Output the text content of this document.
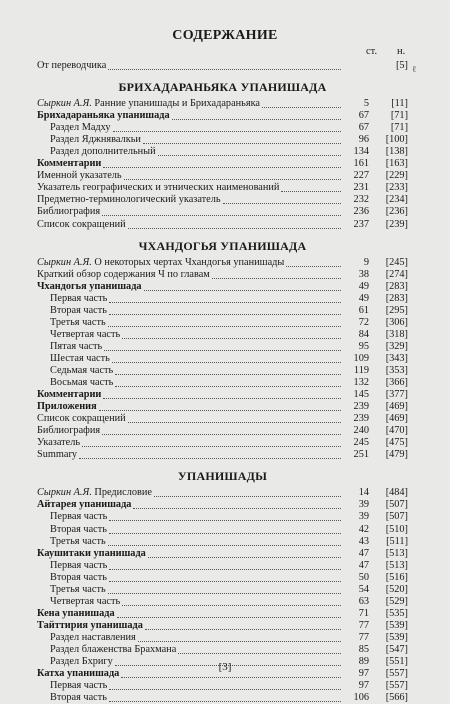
СОДЕРЖАНИЕ
ст. н.
ℓ
От переводчика	[5]
БРИХАДАРАНЬЯКА УПАНИШАДА
Сыркин А.Я. Ранние упанишады и Брихадараньяка	5	[11]
Брихадараньяка упанишада	67	[71]
Раздел Мадху	67	[71]
Раздел Яджнявалкьи	96	[100]
Раздел дополнительный	134	[138]
Комментарии	161	[163]
Именной указатель	227	[229]
Указатель географических и этнических наименований	231	[233]
Предметно-терминологический указатель	232	[234]
Библиография	236	[236]
Список сокращений	237	[239]
ЧХАНДОГЬЯ УПАНИШАДА
Сыркин А.Я. О некоторых чертах Чхандогья упанишады	9	[245]
Краткий обзор содержания Ч по главам	38	[274]
Чхандогья упанишада	49	[283]
Первая часть	49	[283]
Вторая часть	61	[295]
Третья часть	72	[306]
Четвертая часть	84	[318]
Пятая часть	95	[329]
Шестая часть	109	[343]
Седьмая часть	119	[353]
Восьмая часть	132	[366]
Комментарии	145	[377]
Приложения	239	[469]
Список сокращений	239	[469]
Библиография	240	[470]
Указатель	245	[475]
Summary	251	[479]
УПАНИШАДЫ
Сыркин А.Я. Предисловие	14	[484]
Айтарея упанишада	39	[507]
Первая часть	39	[507]
Вторая часть	42	[510]
Третья часть	43	[511]
Каушитаки упанишада	47	[513]
Первая часть	47	[513]
Вторая часть	50	[516]
Третья часть	54	[520]
Четвертая часть	63	[529]
Кена упанишада	71	[535]
Тайттирия упанишада	77	[539]
Раздел наставления	77	[539]
Раздел блаженства Брахмана	85	[547]
Раздел Бхригу	89	[551]
Катха упанишада	97	[557]
Первая часть	97	[557]
Вторая часть	106	[566]
[3]
